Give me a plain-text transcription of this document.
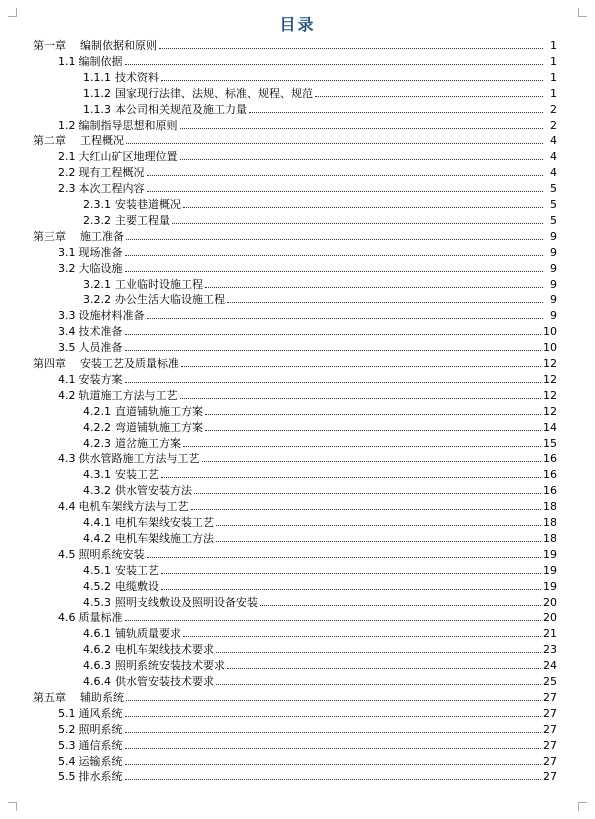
目录
第一章 编制依据和原则	1
1.1 编制依据	1
1.1.1 技术资料	1
1.1.2 国家现行法律、法规、标准、规程、规范	1
1.1.3 本公司相关规范及施工力量	2
1.2 编制指导思想和原则	2
第二章 工程概况	4
2.1 大红山矿区地理位置	4
2.2 现有工程概况	4
2.3 本次工程内容	5
2.3.1 安装巷道概况	5
2.3.2 主要工程量	5
第三章 施工准备	9
3.1 现场准备	9
3.2 大临设施	9
3.2.1 工业临时设施工程	9
3.2.2 办公生活大临设施工程	9
3.3 设施材料准备	9
3.4 技术准备	10
3.5 人员准备	10
第四章 安装工艺及质量标准	12
4.1 安装方案	12
4.2 轨道施工方法与工艺	12
4.2.1 直道铺轨施工方案	12
4.2.2 弯道铺轨施工方案	14
4.2.3 道岔施工方案	15
4.3 供水管路施工方法与工艺	16
4.3.1 安装工艺	16
4.3.2 供水管安装方法	16
4.4 电机车架线方法与工艺	18
4.4.1 电机车架线安装工艺	18
4.4.2 电机车架线施工方法	18
4.5 照明系统安装	19
4.5.1 安装工艺	19
4.5.2 电缆敷设	19
4.5.3 照明支线敷设及照明设备安装	20
4.6 质量标准	20
4.6.1 铺轨质量要求	21
4.6.2 电机车架线技术要求	23
4.6.3 照明系统安装技术要求	24
4.6.4 供水管安装技术要求	25
第五章 辅助系统	27
5.1 通风系统	27
5.2 照明系统	27
5.3 通信系统	27
5.4 运输系统	27
5.5 排水系统	27
